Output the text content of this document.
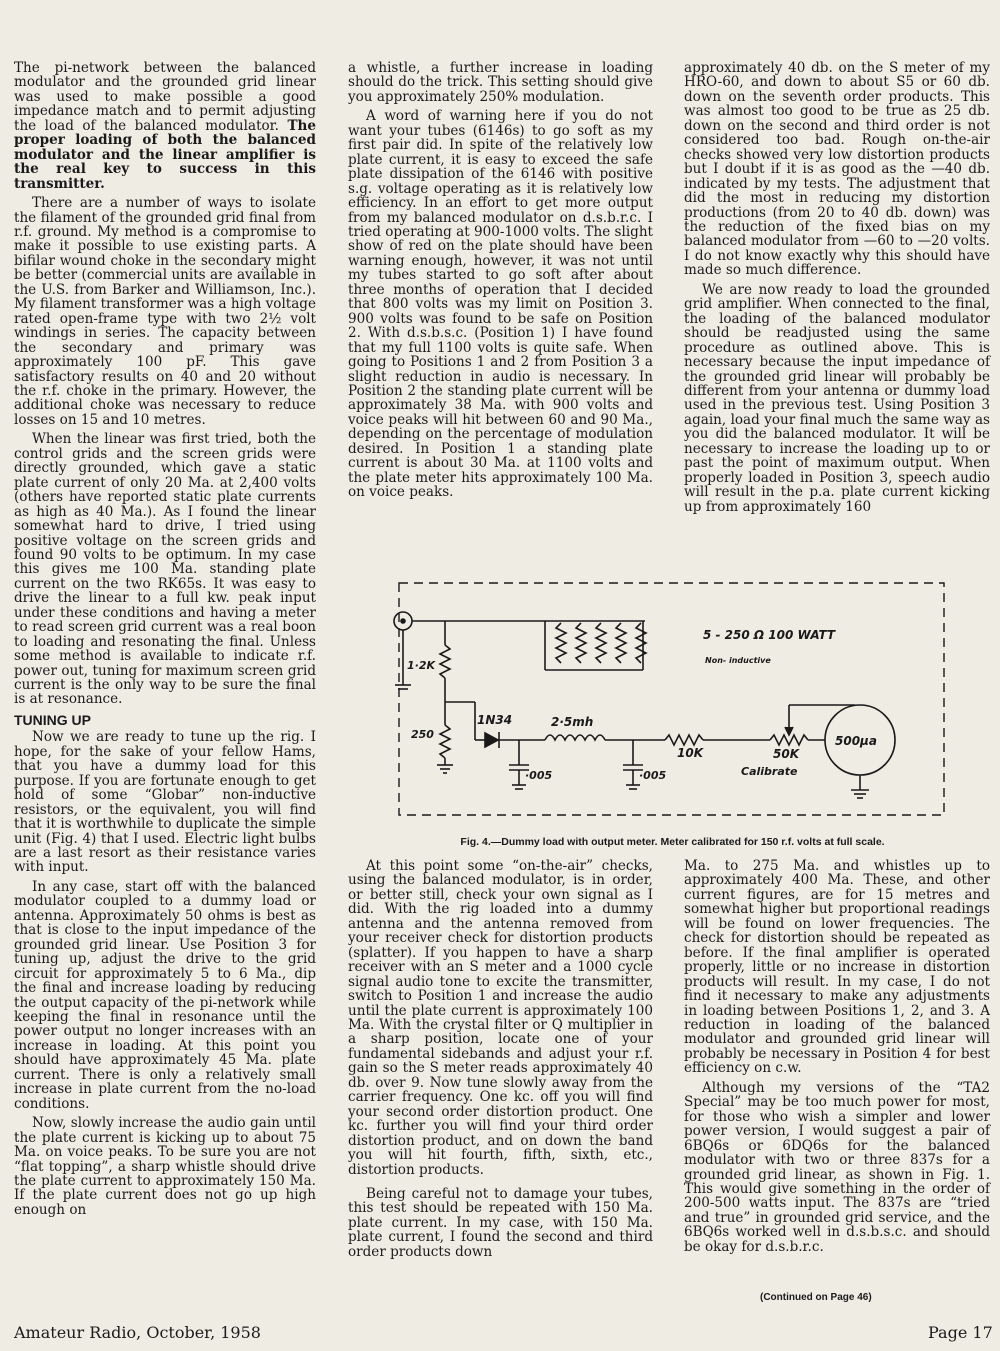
The pi-network between the balanced modulator and the grounded grid linear was used to make possible a good impedance match and to permit adjusting the load of the balanced modulator. The proper loading of both the balanced modulator and the linear amplifier is the real key to success in this transmitter.

There are a number of ways to isolate the filament of the grounded grid final from r.f. ground. My method is a compromise to make it possible to use existing parts. A bifilar wound choke in the secondary might be better (commercial units are available in the U.S. from Barker and Williamson, Inc.). My filament transformer was a high voltage rated open-frame type with two 2½ volt windings in series. The capacity between the secondary and primary was approximately 100 pF. This gave satisfactory results on 40 and 20 without the r.f. choke in the primary. However, the additional choke was necessary to reduce losses on 15 and 10 metres.

When the linear was first tried, both the control grids and the screen grids were directly grounded, which gave a static plate current of only 20 Ma. at 2,400 volts (others have reported static plate currents as high as 40 Ma.). As I found the linear somewhat hard to drive, I tried using positive voltage on the screen grids and found 90 volts to be optimum. In my case this gives me 100 Ma. standing plate current on the two RK65s. It was easy to drive the linear to a full kw. peak input under these conditions and having a meter to read screen grid current was a real boon to loading and resonating the final. Unless some method is available to indicate r.f. power out, tuning for maximum screen grid current is the only way to be sure the final is at resonance.

TUNING UP

Now we are ready to tune up the rig. I hope, for the sake of your fellow Hams, that you have a dummy load for this purpose. If you are fortunate enough to get hold of some “Globar” non-inductive resistors, or the equivalent, you will find that it is worthwhile to duplicate the simple unit (Fig. 4) that I used. Electric light bulbs are a last resort as their resistance varies with input.

In any case, start off with the balanced modulator coupled to a dummy load or antenna. Approximately 50 ohms is best as that is close to the input impedance of the grounded grid linear. Use Position 3 for tuning up, adjust the drive to the grid circuit for approximately 5 to 6 Ma., dip the final and increase loading by reducing the output capacity of the pi-network while keeping the final in resonance until the power output no longer increases with an increase in loading. At this point you should have approximately 45 Ma. plate current. There is only a relatively small increase in plate current from the no-load conditions.

Now, slowly increase the audio gain until the plate current is kicking up to about 75 Ma. on voice peaks. To be sure you are not “flat topping”, a sharp whistle should drive the plate current to approximately 150 Ma. If the plate current does not go up high enough on

a whistle, a further increase in loading should do the trick. This setting should give you approximately 250% modulation.

A word of warning here if you do not want your tubes (6146s) to go soft as my first pair did. In spite of the relatively low plate current, it is easy to exceed the safe plate dissipation of the 6146 with positive s.g. voltage operating as it is relatively low efficiency. In an effort to get more output from my balanced modulator on d.s.b.r.c. I tried operating at 900-1000 volts. The slight show of red on the plate should have been warning enough, however, it was not until my tubes started to go soft after about three months of operation that I decided that 800 volts was my limit on Position 3. 900 volts was found to be safe on Position 2. With d.s.b.s.c. (Position 1) I have found that my full 1100 volts is quite safe. When going to Positions 1 and 2 from Position 3 a slight reduction in audio is necessary. In Position 2 the standing plate current will be approximately 38 Ma. with 900 volts and voice peaks will hit between 60 and 90 Ma., depending on the percentage of modulation desired. In Position 1 a standing plate current is about 30 Ma. at 1100 volts and the plate meter hits approximately 100 Ma. on voice peaks.

approximately 40 db. on the S meter of my HRO-60, and down to about S5 or 60 db. down on the seventh order products. This was almost too good to be true as 25 db. down on the second and third order is not considered too bad. Rough on-the-air checks showed very low distortion products but I doubt if it is as good as the —40 db. indicated by my tests. The adjustment that did the most in reducing my distortion productions (from 20 to 40 db. down) was the reduction of the fixed bias on my balanced modulator from —60 to —20 volts. I do not know exactly why this should have made so much difference.

We are now ready to load the grounded grid amplifier. When connected to the final, the loading of the balanced modulator should be readjusted using the same procedure as outlined above. This is necessary because the input impedance of the grounded grid linear will probably be different from your antenna or dummy load used in the previous test. Using Position 3 again, load your final much the same way as you did the balanced modulator. It will be necessary to increase the loading up to or past the point of maximum output. When properly loaded in Position 3, speech audio will result in the p.a. plate current kicking up from approximately 160

5 - 250 Ω 100 WATT
Non- inductive
1·2K
250
1N34	2·5mh
·005	·005
10K	50K
Calibrate
500µa
Fig. 4.—Dummy load with output meter. Meter calibrated for 150 r.f. volts at full scale.

At this point some “on-the-air” checks, using the balanced modulator, is in order, or better still, check your own signal as I did. With the rig loaded into a dummy antenna and the antenna removed from your receiver check for distortion products (splatter). If you happen to have a sharp receiver with an S meter and a 1000 cycle signal audio tone to excite the transmitter, switch to Position 1 and increase the audio until the plate current is approximately 100 Ma. With the crystal filter or Q multiplier in a sharp position, locate one of your fundamental sidebands and adjust your r.f. gain so the S meter reads approximately 40 db. over 9. Now tune slowly away from the carrier frequency. One kc. off you will find your second order distortion product. One kc. further you will find your third order distortion product, and on down the band you will hit fourth, fifth, sixth, etc., distortion products.

Being careful not to damage your tubes, this test should be repeated with 150 Ma. plate current. In my case, with 150 Ma. plate current, I found the second and third order products down

Ma. to 275 Ma. and whistles up to approximately 400 Ma. These, and other current figures, are for 15 metres and somewhat higher but proportional readings will be found on lower frequencies. The check for distortion should be repeated as before. If the final amplifier is operated properly, little or no increase in distortion products will result. In my case, I do not find it necessary to make any adjustments in loading between Positions 1, 2, and 3. A reduction in loading of the balanced modulator and grounded grid linear will probably be necessary in Position 4 for best efficiency on c.w.

Although my versions of the “TA2 Special” may be too much power for most, for those who wish a simpler and lower power version, I would suggest a pair of 6BQ6s or 6DQ6s for the balanced modulator with two or three 837s for a grounded grid linear, as shown in Fig. 1. This would give something in the order of 200-500 watts input. The 837s are “tried and true” in grounded grid service, and the 6BQ6s worked well in d.s.b.s.c. and should be okay for d.s.b.r.c.

(Continued on Page 46)
Amateur Radio, October, 1958	Page 17
